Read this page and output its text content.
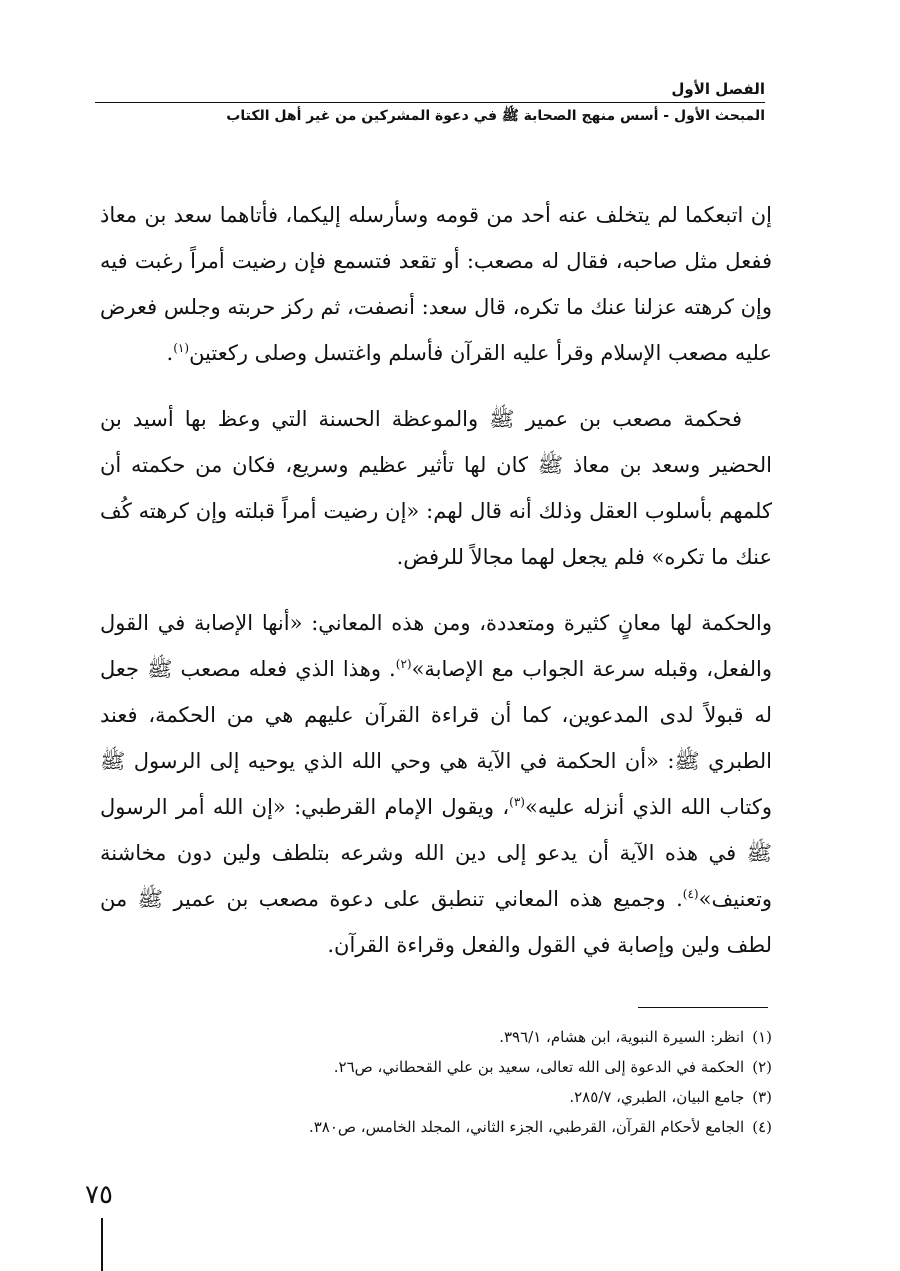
الفصل الأول
المبحث الأول - أسس منهج الصحابة ﷺ في دعوة المشركين من غير أهل الكتاب

إن اتبعكما لم يتخلف عنه أحد من قومه وسأرسله إليكما، فأتاهما سعد بن معاذ ففعل مثل صاحبه، فقال له مصعب: أو تقعد فتسمع فإن رضيت أمراً رغبت فيه وإن كرهته عزلنا عنك ما تكره، قال سعد: أنصفت، ثم ركز حربته وجلس فعرض عليه مصعب الإسلام وقرأ عليه القرآن فأسلم واغتسل وصلى ركعتين$^{(١)}$.

فحكمة مصعب بن عمير ﷺ والموعظة الحسنة التي وعظ بها أسيد بن الحضير وسعد بن معاذ ﷺ كان لها تأثير عظيم وسريع، فكان من حكمته أن كلمهم بأسلوب العقل وذلك أنه قال لهم: «إن رضيت أمراً قبلته وإن كرهته كُف عنك ما تكره» فلم يجعل لهما مجالاً للرفض.

والحكمة لها معانٍ كثيرة ومتعددة، ومن هذه المعاني: «أنها الإصابة في القول والفعل، وقبله سرعة الجواب مع الإصابة»$^{(٢)}$. وهذا الذي فعله مصعب ﷺ جعل له قبولاً لدى المدعوين، كما أن قراءة القرآن عليهم هي من الحكمة، فعند الطبري ﷺ: «أن الحكمة في الآية هي وحي الله الذي يوحيه إلى الرسول ﷺ وكتاب الله الذي أنزله عليه»$^{(٣)}$، ويقول الإمام القرطبي: «إن الله أمر الرسول ﷺ في هذه الآية أن يدعو إلى دين الله وشرعه بتلطف ولين دون مخاشنة وتعنيف»$^{(٤)}$. وجميع هذه المعاني تنطبق على دعوة مصعب بن عمير ﷺ من لطف ولين وإصابة في القول والفعل وقراءة القرآن.

(١)انظر: السيرة النبوية، ابن هشام، ٣٩٦/١.
(٢)الحكمة في الدعوة إلى الله تعالى، سعيد بن علي القحطاني، ص٢٦.
(٣)جامع البيان، الطبري، ٢٨٥/٧.
(٤)الجامع لأحكام القرآن، القرطبي، الجزء الثاني، المجلد الخامس، ص٣٨٠.
٧٥
